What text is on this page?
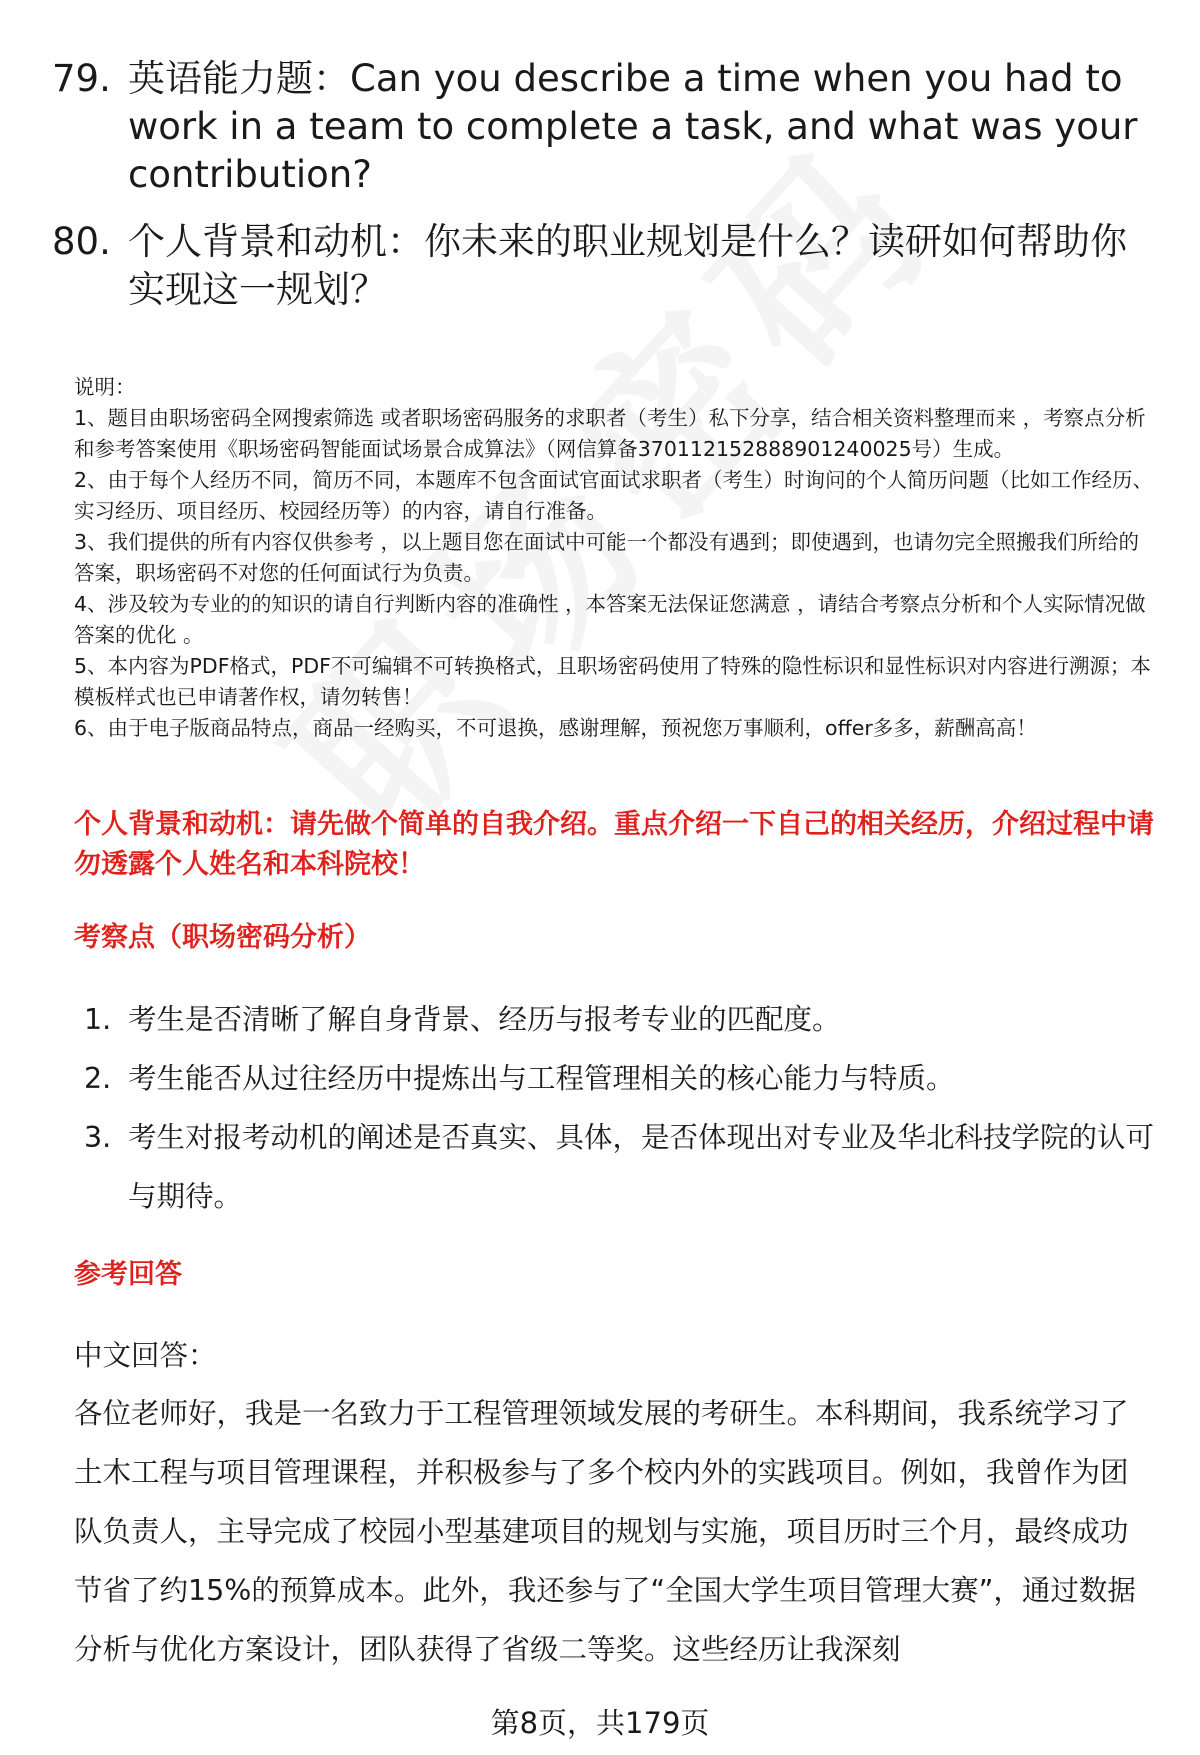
79. 英语能力题：Can you describe a time when you had to work in a team to complete a task, and what was your contribution?
80. 个人背景和动机：你未来的职业规划是什么？读研如何帮助你实现这一规划？

说明：

1、题目由职场密码全网搜索筛选 或者职场密码服务的求职者（考生）私下分享，结合相关资料整理而来 ，考察点分析和参考答案使用《职场密码智能面试场景合成算法》（网信算备370112152888901240025号）生成。

2、由于每个人经历不同，简历不同，本题库不包含面试官面试求职者（考生）时询问的个人简历问题（比如工作经历、实习经历、项目经历、校园经历等）的内容，请自行准备。

3、我们提供的所有内容仅供参考 ，以上题目您在面试中可能一个都没有遇到；即使遇到，也请勿完全照搬我们所给的答案，职场密码不对您的任何面试行为负责。

4、涉及较为专业的的知识的请自行判断内容的准确性 ，本答案无法保证您满意 ，请结合考察点分析和个人实际情况做答案的优化 。

5、本内容为PDF格式，PDF不可编辑不可转换格式，且职场密码使用了特殊的隐性标识和显性标识对内容进行溯源；本模板样式也已申请著作权，请勿转售！

6、由于电子版商品特点，商品一经购买，不可退换，感谢理解，预祝您万事顺利，offer多多，薪酬高高！

个人背景和动机：请先做个简单的自我介绍。重点介绍一下自己的相关经历，介绍过程中请勿透露个人姓名和本科院校！
考察点（职场密码分析）
1. 考生是否清晰了解自身背景、经历与报考专业的匹配度。
2. 考生能否从过往经历中提炼出与工程管理相关的核心能力与特质。
3. 考生对报考动机的阐述是否真实、具体，是否体现出对专业及华北科技学院的认可与期待。
参考回答
中文回答：
各位老师好，我是一名致力于工程管理领域发展的考研生。本科期间，我系统学习了土木工程与项目管理课程，并积极参与了多个校内外的实践项目。例如，我曾作为团队负责人，主导完成了校园小型基建项目的规划与实施，项目历时三个月，最终成功节省了约15%的预算成本。此外，我还参与了“全国大学生项目管理大赛”，通过数据分析与优化方案设计，团队获得了省级二等奖。这些经历让我深刻
第8页，共179页
